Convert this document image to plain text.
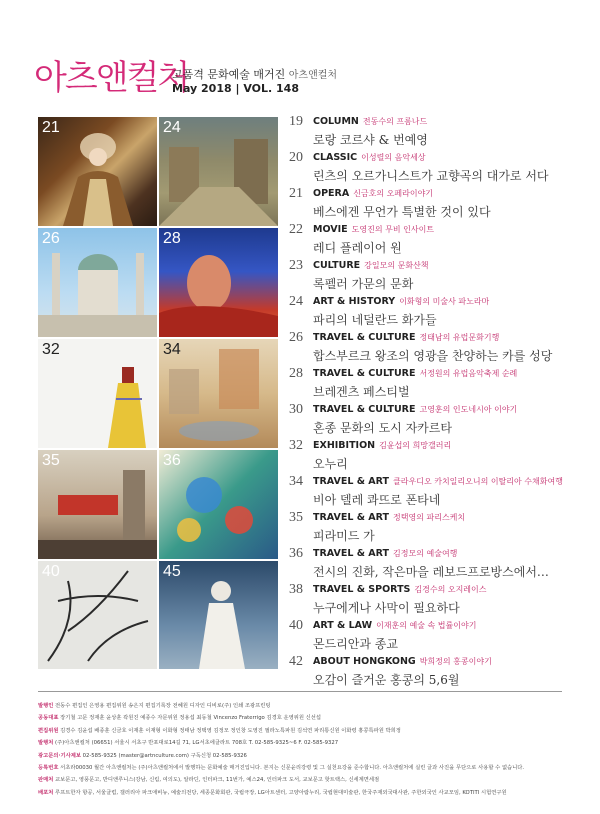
아츠앤컬처
고품격 문화예술 매거진 아츠앤컬처
May 2018 | VOL. 148
21	24
26	28
32	34
35	36
40	45
19 COLUMN 전동수의 프롬나드
로랑 코르샤 & 번예영
20 CLASSIC 이성렬의 음악세상
린츠의 오르가니스트가 교향곡의 대가로 서다
21 OPERA 신금호의 오페라이야기
베스에겐 무언가 특별한 것이 있다
22 MOVIE 도영진의 무비 인사이트
레디 플레이어 원
23 CULTURE 강일모의 문화산책
록펠러 가문의 문화
24 ART & HISTORY 이화형의 미술사 파노라마
파리의 네덜란드 화가들
26 TRAVEL & CULTURE 정태남의 유럽문화기행
합스부르크 왕조의 영광을 찬양하는 카를 성당
28 TRAVEL & CULTURE 서정원의 유럽음악축제 순례
브레겐츠 페스티벌
30 TRAVEL & CULTURE 고영훈의 인도네시아 이야기
혼종 문화의 도시 자카르타
32 EXHIBITION 김윤섭의 희망갤러리
오누리
34 TRAVEL & ART 클라우디오 카치일리오니의 이탈리아 수채화여행
비아 델레 콰뜨로 폰타네
35 TRAVEL & ART 정택영의 파리스케치
피라미드 가
36 TRAVEL & ART 김정모의 예술여행
전시의 진화, 작은마을 레보드프로방스에서…
38 TRAVEL & SPORTS 김경수의 오지레이스
누구에게나 사막이 필요하다
40 ART & LAW 이재훈의 예술 속 법률이야기
몬드리안과 종교
42 ABOUT HONGKONG 박희정의 홍콩이야기
오감이 즐거운 홍콩의 5,6월
발행인 전동수 편집인 은영용 편집위원 송은지 편집기록장 전혜원 디자인 디비로(주) 인쇄 조광프린팅
공동대표 장기철 고문 정재훈 윤상훈 곽원진 예종수 자문위원 정용섭 최동철 Vincenzo Fraterrigo 김경호 운영위원 신선섭
편집위원 김경수 김윤섭 배종훈 신금호 이재훈 이재형 이화형 정태남 정택영 김정모 정인창 도영진 필라노특파원 김석연 파리통신원 이화령 홍콩특파원 박희정
발행처 (주)아츠앤컬처 (06651) 서울시 서초구 반포대로14길 71, LG서초에클라트 708호 T. 02-585-9325~6 F. 02-585-9327
광고문의·기사제보 02-585-9325 (master@artnculture.com) 구독신청 02-585-9326
등록번호 서초라00030 월간 아츠앤컬처는 (주)아츠앤컬처에서 발행하는 문화예술 매거진입니다. 본지는 신문윤리강령 및 그 실천요강을 준수합니다. 아츠앤컬처에 실린 글과 사진을 무단으로 사용할 수 없습니다.
판매처 교보문고, 영풍문고, 반디앤루니스(강남, 신림, 여의도), 알라딘, 인터파크, 11번가, 예스24, 인터파크 도서, 교보문고 핫트랙스, 신세계면세점
배포처 루프트한자 항공, 서울클럽, 갤러리아 파크애비뉴, 예술의전당, 세종문화회관, 국립극장, LG아트센터, 고양아람누리, 국립현대미술관, 한국주재외국대사관, 주한외국인 사교모임, KOTITI 시험연구원
